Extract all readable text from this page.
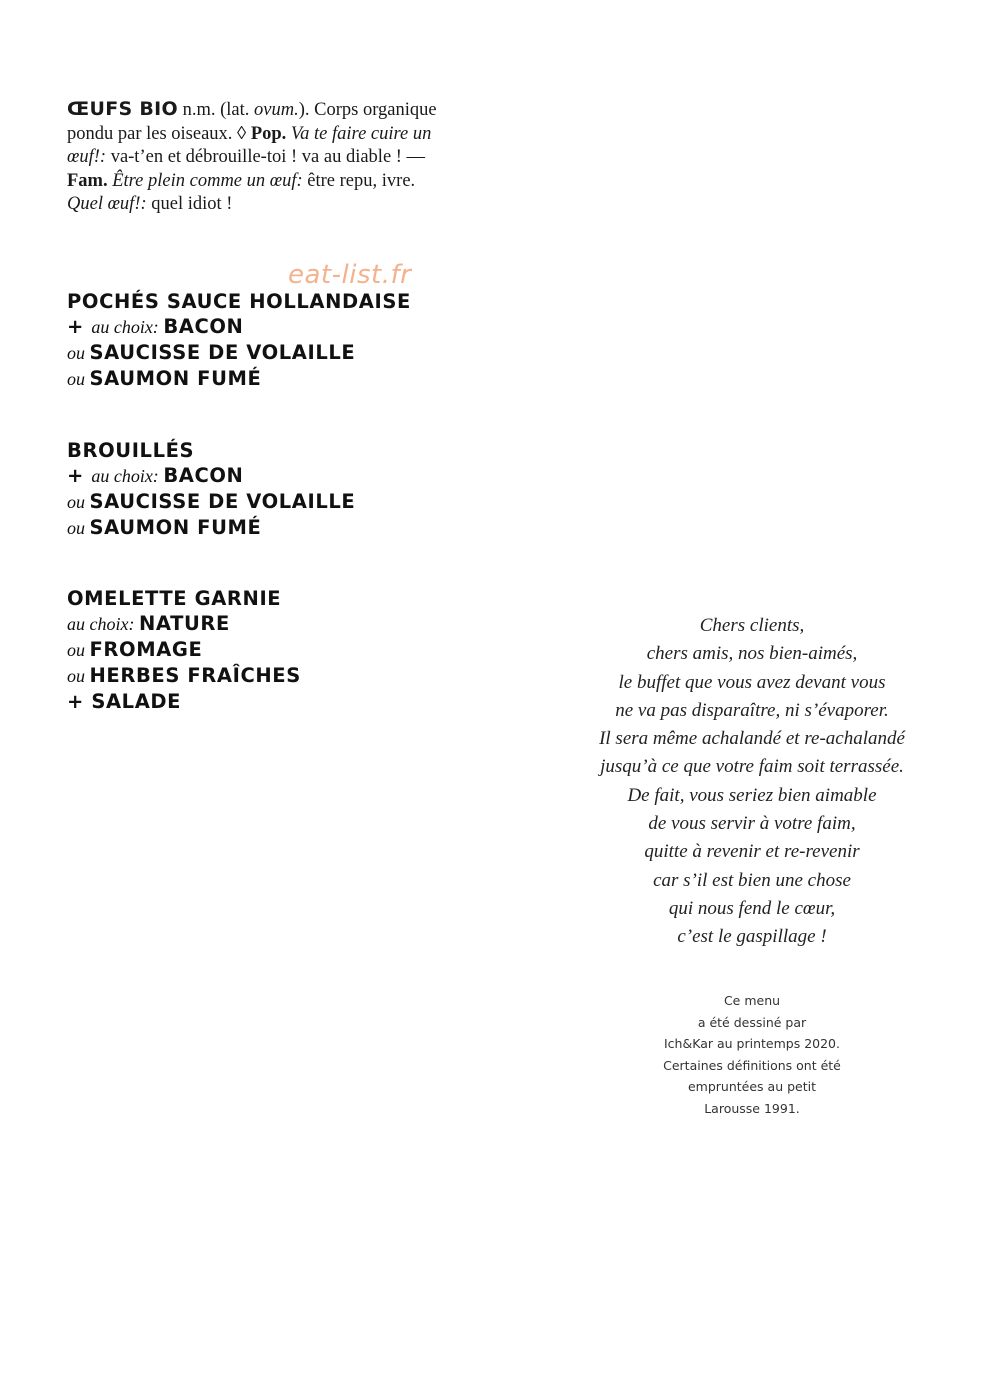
ŒUFS BIO n.m. (lat. ovum.). Corps organique
pondu par les oiseaux. ◊ Pop. Va te faire cuire un
œuf!: va-t’en et débrouille-toi ! va au diable ! —
Fam. Être plein comme un œuf: être repu, ivre.
Quel œuf!: quel idiot !
eat-list.fr
POCHÉS SAUCE HOLLANDAISE
+ au choix: BACON
ou SAUCISSE DE VOLAILLE
ou SAUMON FUMÉ
BROUILLÉS
+ au choix: BACON
ou SAUCISSE DE VOLAILLE
ou SAUMON FUMÉ
OMELETTE GARNIE
au choix: NATURE
ou FROMAGE
ou HERBES FRAÎCHES
+ SALADE
Chers clients,
chers amis, nos bien-aimés,
le buffet que vous avez devant vous
ne va pas disparaître, ni s’évaporer.
Il sera même achalandé et re-achalandé
jusqu’à ce que votre faim soit terrassée.
De fait, vous seriez bien aimable
de vous servir à votre faim,
quitte à revenir et re-revenir
car s’il est bien une chose
qui nous fend le cœur,
c’est le gaspillage !
Ce menu
a été dessiné par
Ich&Kar au printemps 2020.
Certaines définitions ont été
empruntées au petit
Larousse 1991.
